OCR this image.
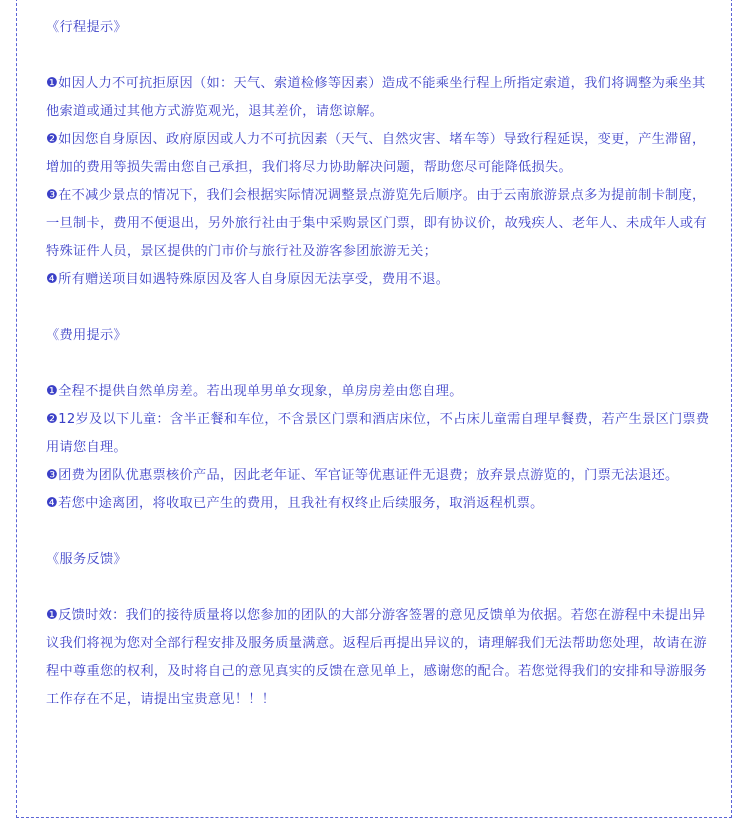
《行程提示》

❶如因人力不可抗拒原因（如：天气、索道检修等因素）造成不能乘坐行程上所指定索道，我们将调整为乘坐其他索道或通过其他方式游览观光，退其差价，请您谅解。

❷如因您自身原因、政府原因或人力不可抗因素（天气、自然灾害、堵车等）导致行程延误，变更，产生滞留，增加的费用等损失需由您自己承担，我们将尽力协助解决问题，帮助您尽可能降低损失。

❸在不减少景点的情况下，我们会根据实际情况调整景点游览先后顺序。由于云南旅游景点多为提前制卡制度，一旦制卡，费用不便退出，另外旅行社由于集中采购景区门票，即有协议价，故残疾人、老年人、未成年人或有特殊证件人员，景区提供的门市价与旅行社及游客参团旅游无关；

❹所有赠送项目如遇特殊原因及客人自身原因无法享受，费用不退。

《费用提示》

❶全程不提供自然单房差。若出现单男单女现象，单房房差由您自理。

❷12岁及以下儿童：含半正餐和车位，不含景区门票和酒店床位，不占床儿童需自理早餐费，若产生景区门票费用请您自理。

❸团费为团队优惠票核价产品，因此老年证、军官证等优惠证件无退费；放弃景点游览的，门票无法退还。

❹若您中途离团，将收取已产生的费用，且我社有权终止后续服务，取消返程机票。

《服务反馈》

❶反馈时效：我们的接待质量将以您参加的团队的大部分游客签署的意见反馈单为依据。若您在游程中未提出异议我们将视为您对全部行程安排及服务质量满意。返程后再提出异议的，请理解我们无法帮助您处理，故请在游程中尊重您的权利，及时将自己的意见真实的反馈在意见单上，感谢您的配合。若您觉得我们的安排和导游服务工作存在不足，请提出宝贵意见！！！
